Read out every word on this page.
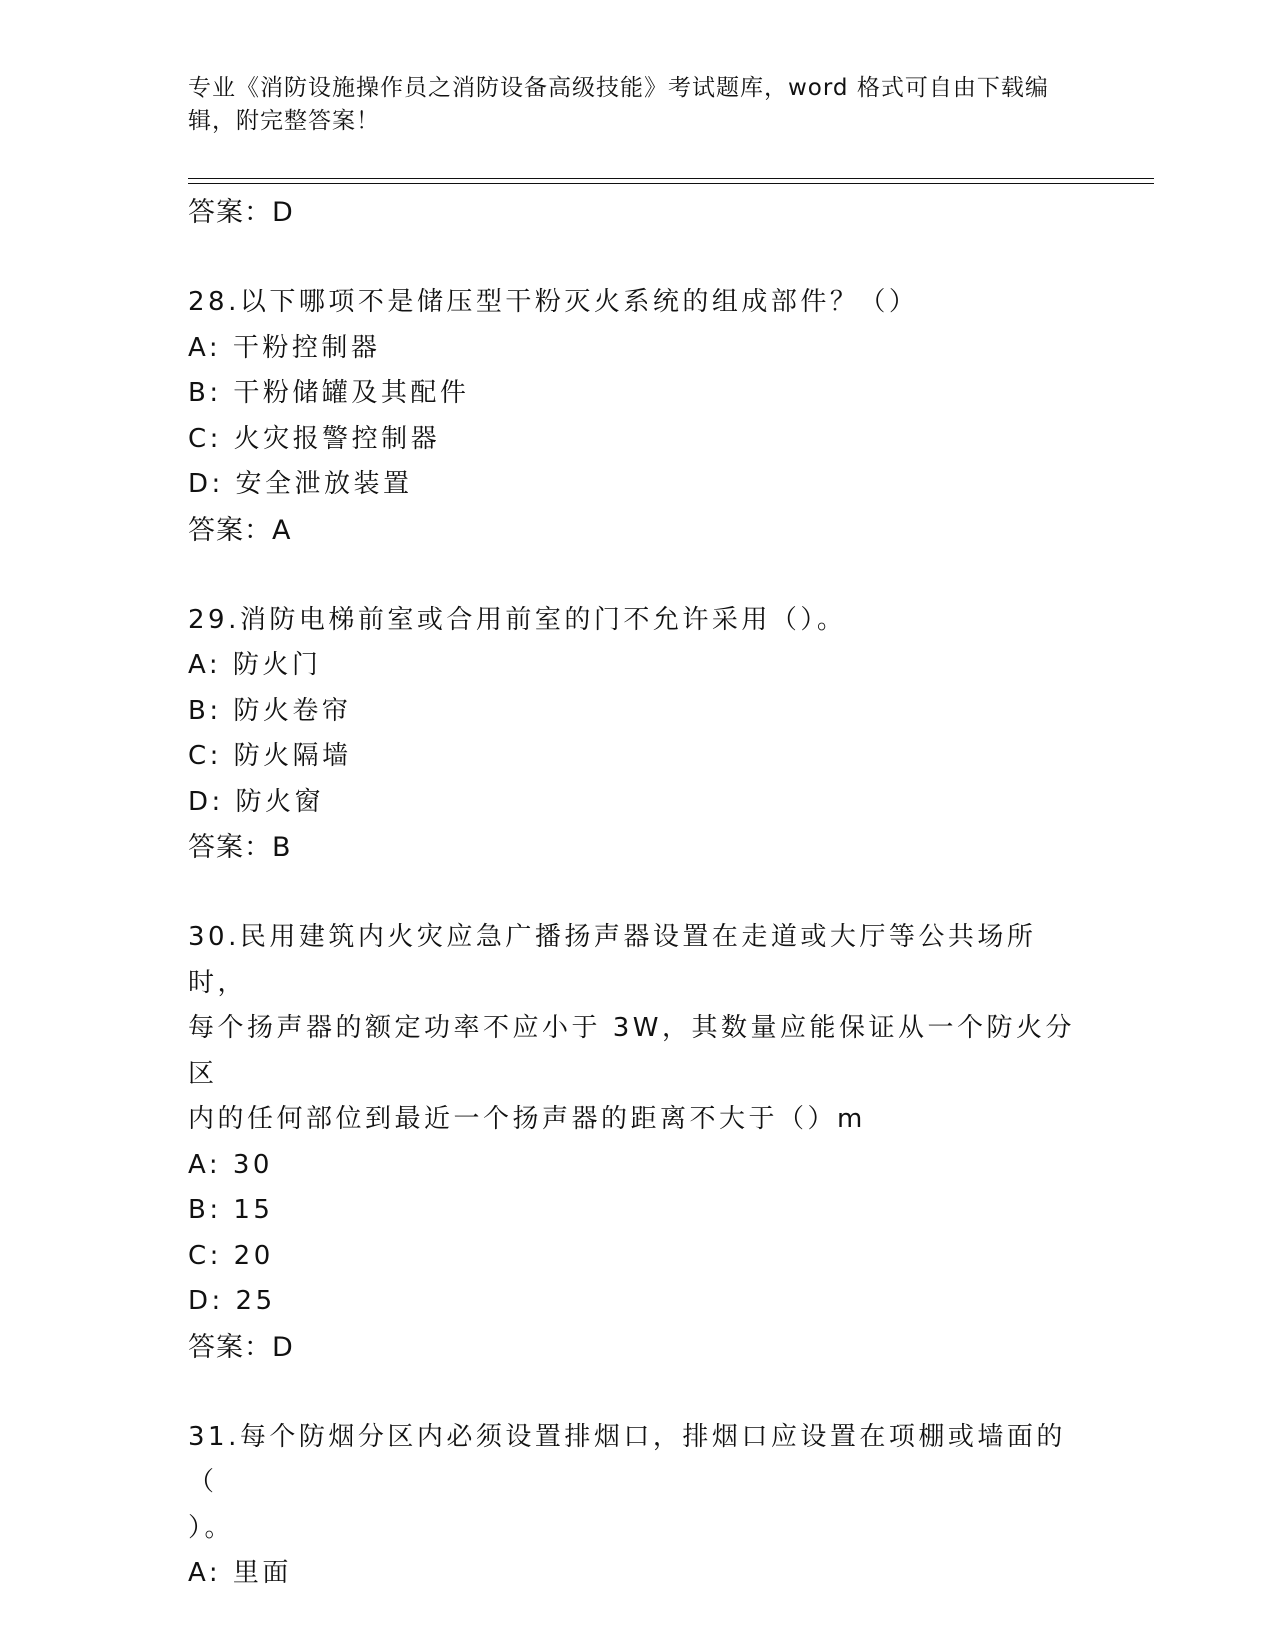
专业《消防设施操作员之消防设备高级技能》考试题库，word 格式可自由下载编
辑，附完整答案！
答案：D
28.以下哪项不是储压型干粉灭火系统的组成部件？（）
A: 干粉控制器
B: 干粉储罐及其配件
C: 火灾报警控制器
D: 安全泄放装置
答案：A
29.消防电梯前室或合用前室的门不允许采用（）。
A: 防火门
B: 防火卷帘
C: 防火隔墙
D: 防火窗
答案：B
30.民用建筑内火灾应急广播扬声器设置在走道或大厅等公共场所时，
每个扬声器的额定功率不应小于 3W，其数量应能保证从一个防火分区
内的任何部位到最近一个扬声器的距离不大于（）m
A: 30
B: 15
C: 20
D: 25
答案：D
31.每个防烟分区内必须设置排烟口，排烟口应设置在项棚或墙面的（
）。
A: 里面
